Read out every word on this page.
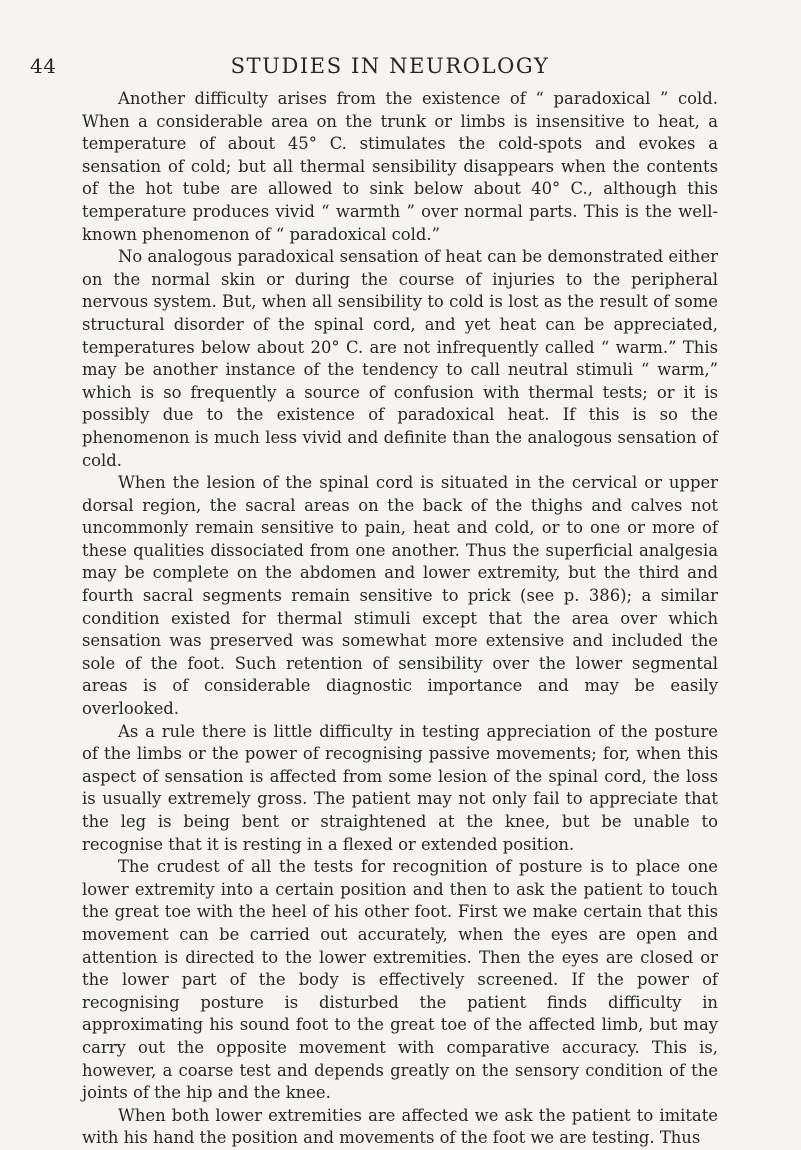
44	STUDIES IN NEUROLOGY

Another difficulty arises from the existence of “ paradoxical ” cold. When a considerable area on the trunk or limbs is insensitive to heat, a temperature of about 45° C. stimulates the cold-spots and evokes a sensation of cold; but all thermal sensibility disappears when the contents of the hot tube are allowed to sink below about 40° C., although this temperature produces vivid “ warmth ” over normal parts. This is the well-known phenomenon of “ paradoxical cold.”

No analogous paradoxical sensation of heat can be demonstrated either on the normal skin or during the course of injuries to the peripheral nervous system. But, when all sensibility to cold is lost as the result of some structural disorder of the spinal cord, and yet heat can be appreciated, temperatures below about 20° C. are not infrequently called “ warm.” This may be another instance of the tendency to call neutral stimuli “ warm,” which is so frequently a source of confusion with thermal tests; or it is possibly due to the existence of paradoxical heat. If this is so the phenomenon is much less vivid and definite than the analogous sensation of cold.

When the lesion of the spinal cord is situated in the cervical or upper dorsal region, the sacral areas on the back of the thighs and calves not uncommonly remain sensitive to pain, heat and cold, or to one or more of these qualities dissociated from one another. Thus the superficial analgesia may be complete on the abdomen and lower extremity, but the third and fourth sacral segments remain sensitive to prick (see p. 386); a similar condition existed for thermal stimuli except that the area over which sensation was preserved was somewhat more extensive and included the sole of the foot. Such retention of sensibility over the lower segmental areas is of considerable diagnostic importance and may be easily overlooked.

As a rule there is little difficulty in testing appreciation of the posture of the limbs or the power of recognising passive movements; for, when this aspect of sensation is affected from some lesion of the spinal cord, the loss is usually extremely gross. The patient may not only fail to appreciate that the leg is being bent or straightened at the knee, but be unable to recognise that it is resting in a flexed or extended position.

The crudest of all the tests for recognition of posture is to place one lower extremity into a certain position and then to ask the patient to touch the great toe with the heel of his other foot. First we make certain that this movement can be carried out accurately, when the eyes are open and attention is directed to the lower extremities. Then the eyes are closed or the lower part of the body is effectively screened. If the power of recognising posture is disturbed the patient finds difficulty in approximating his sound foot to the great toe of the affected limb, but may carry out the opposite movement with comparative accuracy. This is, however, a coarse test and depends greatly on the sensory condition of the joints of the hip and the knee.

When both lower extremities are affected we ask the patient to imitate with his hand the position and movements of the foot we are testing. Thus
